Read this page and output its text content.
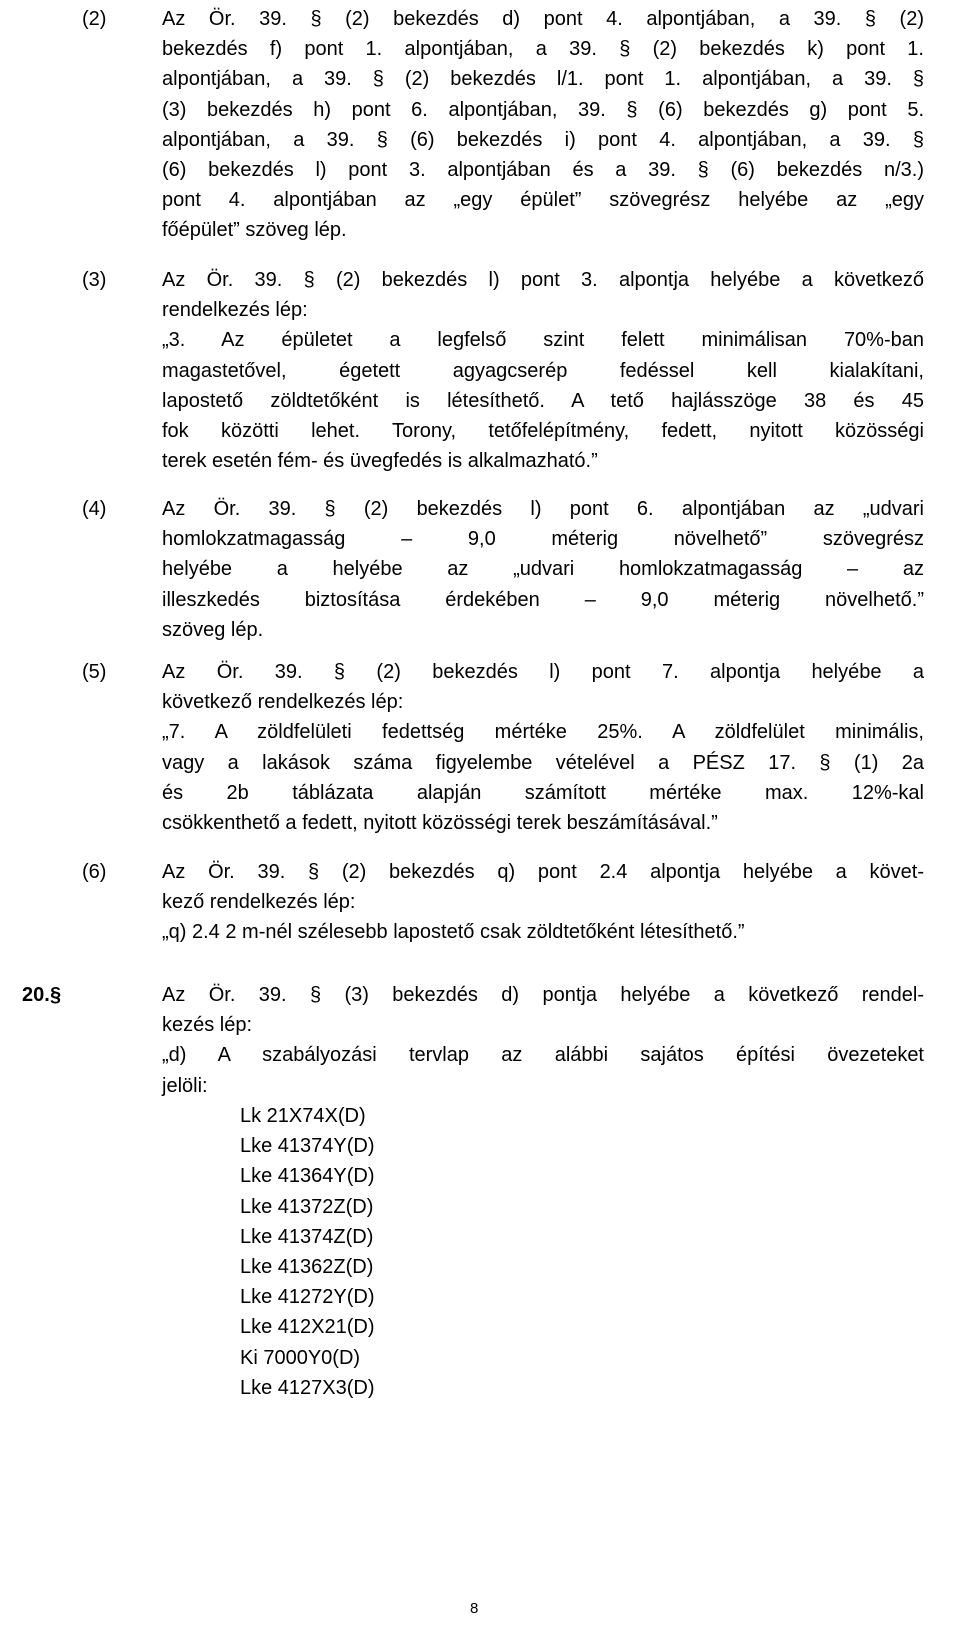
(2)	Az Ör. 39. § (2) bekezdés d) pont 4. alpontjában, a 39. § (2)
bekezdés f) pont 1. alpontjában, a 39. § (2) bekezdés k) pont 1.
alpontjában, a 39. § (2) bekezdés l/1. pont 1. alpontjában, a 39. §
(3) bekezdés h) pont 6. alpontjában, 39. § (6) bekezdés g) pont 5.
alpontjában, a 39. § (6) bekezdés i) pont 4. alpontjában, a 39. §
(6) bekezdés l) pont 3. alpontjában és a 39. § (6) bekezdés n/3.)
pont 4. alpontjában az „egy épület” szövegrész helyébe az „egy
főépület” szöveg lép.
(3)	Az Ör. 39. § (2) bekezdés l) pont 3. alpontja helyébe a következő
rendelkezés lép:
„3. Az épületet a legfelső szint felett minimálisan 70%-ban
magastetővel, égetett agyagcserép fedéssel kell kialakítani,
lapostető zöldtetőként is létesíthető. A tető hajlásszöge 38 és 45
fok közötti lehet. Torony, tetőfelépítmény, fedett, nyitott közösségi
terek esetén fém- és üvegfedés is alkalmazható.”
(4)	Az Ör. 39. § (2) bekezdés l) pont 6. alpontjában az „udvari
homlokzatmagasság – 9,0 méterig növelhető” szövegrész
helyébe a helyébe az „udvari homlokzatmagasság – az
illeszkedés biztosítása érdekében – 9,0 méterig növelhető.”
szöveg lép.
(5)	Az Ör. 39. § (2) bekezdés l) pont 7. alpontja helyébe a
következő rendelkezés lép:
„7. A zöldfelületi fedettség mértéke 25%. A zöldfelület minimális,
vagy a lakások száma figyelembe vételével a PÉSZ 17. § (1) 2a
és 2b táblázata alapján számított mértéke max. 12%-kal
csökkenthető a fedett, nyitott közösségi terek beszámításával.”
(6)	Az Ör. 39. § (2) bekezdés q) pont 2.4 alpontja helyébe a követ-
kező rendelkezés lép:
„q) 2.4 2 m-nél szélesebb lapostető csak zöldtetőként létesíthető.”
20. §	Az Ör. 39. § (3) bekezdés d) pontja helyébe a következő rendel-
kezés lép:
„d) A szabályozási tervlap az alábbi sajátos építési övezeteket
jelöli:
Lk 21X74X(D)
Lke 41374Y(D)
Lke 41364Y(D)
Lke 41372Z(D)
Lke 41374Z(D)
Lke 41362Z(D)
Lke 41272Y(D)
Lke 412X21(D)
Ki 7000Y0(D)
Lke 4127X3(D)
8
